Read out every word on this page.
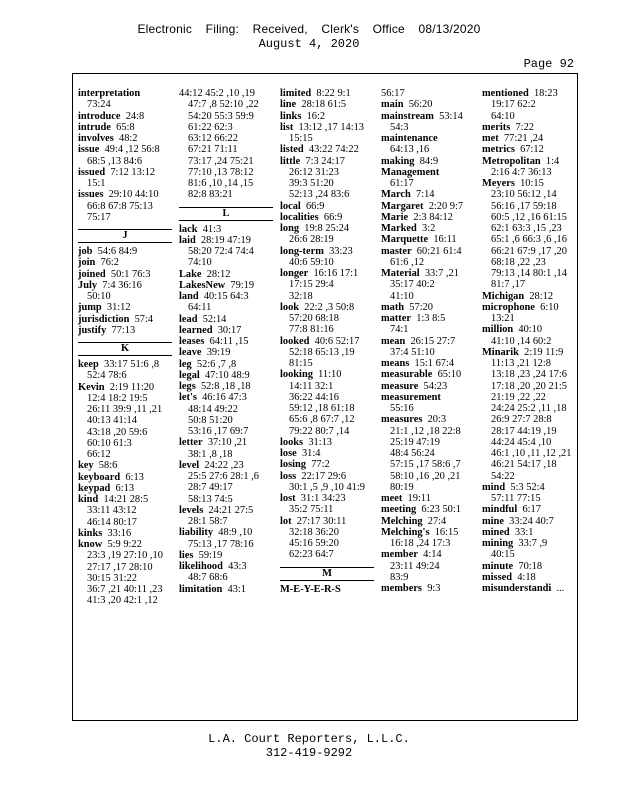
Electronic Filing: Received, Clerk's Office 08/13/2020
August 4, 2020
Page 92
interpretation
73:24
introduce 24:8
intrude 65:8
involves 48:2
issue 49:4 ,12 56:8
68:5 ,13 84:6
issued 7:12 13:12
15:1
issues 29:10 44:10
66:8 67:8 75:13
75:17
J
job 54:6 84:9
join 76:2
joined 50:1 76:3
July 7:4 36:16
50:10
jump 31:12
jurisdiction 57:4
justify 77:13
K
keep 33:17 51:6 ,8
52:4 78:6
Kevin 2:19 11:20
12:4 18:2 19:5
26:11 39:9 ,11 ,21
40:13 41:14
43:18 ,20 59:6
60:10 61:3
66:12
key 58:6
keyboard 6:13
keypad 6:13
kind 14:21 28:5
33:11 43:12
46:14 80:17
kinks 33:16
know 5:9 9:22
23:3 ,19 27:10 ,10
27:17 ,17 28:10
30:15 31:22
36:7 ,21 40:11 ,23
41:3 ,20 42:1 ,12
44:12 45:2 ,10 ,19
47:7 ,8 52:10 ,22
54:20 55:3 59:9
61:22 62:3
63:12 66:22
67:21 71:11
73:17 ,24 75:21
77:10 ,13 78:12
81:6 ,10 ,14 ,15
82:8 83:21
L
lack 41:3
laid 28:19 47:19
58:20 72:4 74:4
74:10
Lake 28:12
LakesNew 79:19
land 40:15 64:3
64:11
lead 52:14
learned 30:17
leases 64:11 ,15
leave 39:19
leg 52:6 ,7 ,8
legal 47:10 48:9
legs 52:8 ,18 ,18
let's 46:16 47:3
48:14 49:22
50:8 51:20
53:16 ,17 69:7
letter 37:10 ,21
38:1 ,8 ,18
level 24:22 ,23
25:5 27:6 28:1 ,6
28:7 49:17
58:13 74:5
levels 24:21 27:5
28:1 58:7
liability 48:9 ,10
75:13 ,17 78:16
lies 59:19
likelihood 43:3
48:7 68:6
limitation 43:1
limited 8:22 9:1
line 28:18 61:5
links 16:2
list 13:12 ,17 14:13
15:15
listed 43:22 74:22
little 7:3 24:17
26:12 31:23
39:3 51:20
52:13 ,24 83:6
local 66:9
localities 66:9
long 19:8 25:24
26:6 28:19
long-term 33:23
40:6 59:10
longer 16:16 17:1
17:15 29:4
32:18
look 22:2 ,3 50:8
57:20 68:18
77:8 81:16
looked 40:6 52:17
52:18 65:13 ,19
81:15
looking 11:10
14:11 32:1
36:22 44:16
59:12 ,18 61:18
65:6 ,8 67:7 ,12
79:22 80:7 ,14
looks 31:13
lose 31:4
losing 77:2
loss 22:17 29:6
30:1 ,5 ,9 ,10 41:9
lost 31:1 34:23
35:2 75:11
lot 27:17 30:11
32:18 36:20
45:16 59:20
62:23 64:7
M
M-E-Y-E-R-S
56:17
main 56:20
mainstream 53:14
54:3
maintenance
64:13 ,16
making 84:9
Management
61:17
March 7:14
Margaret 2:20 9:7
Marie 2:3 84:12
Marked 3:2
Marquette 16:11
master 60:21 61:4
61:6 ,12
Material 33:7 ,21
35:17 40:2
41:10
math 57:20
matter 1:3 8:5
74:1
mean 26:15 27:7
37:4 51:10
means 15:1 67:4
measurable 65:10
measure 54:23
measurement
55:16
measures 20:3
21:1 ,12 ,18 22:8
25:19 47:19
48:4 56:24
57:15 ,17 58:6 ,7
58:10 ,16 ,20 ,21
80:19
meet 19:11
meeting 6:23 50:1
Melching 27:4
Melching's 16:15
16:18 ,24 17:3
member 4:14
23:11 49:24
83:9
members 9:3
mentioned 18:23
19:17 62:2
64:10
merits 7:22
met 77:21 ,24
metrics 67:12
Metropolitan 1:4
2:16 4:7 36:13
Meyers 10:15
23:10 56:12 ,14
56:16 ,17 59:18
60:5 ,12 ,16 61:15
62:1 63:3 ,15 ,23
65:1 ,6 66:3 ,6 ,16
66:21 67:9 ,17 ,20
68:18 ,22 ,23
79:13 ,14 80:1 ,14
81:7 ,17
Michigan 28:12
microphone 6:10
13:21
million 40:10
41:10 ,14 60:2
Minarik 2:19 11:9
11:13 ,21 12:8
13:18 ,23 ,24 17:6
17:18 ,20 ,20 21:5
21:19 ,22 ,22
24:24 25:2 ,11 ,18
26:9 27:7 28:8
28:17 44:19 ,19
44:24 45:4 ,10
46:1 ,10 ,11 ,12 ,21
46:21 54:17 ,18
54:22
mind 5:3 52:4
57:11 77:15
mindful 6:17
mine 33:24 40:7
mined 33:1
mining 33:7 ,9
40:15
minute 70:18
missed 4:18
misunderstandi ...
L.A. Court Reporters, L.L.C.
312-419-9292
